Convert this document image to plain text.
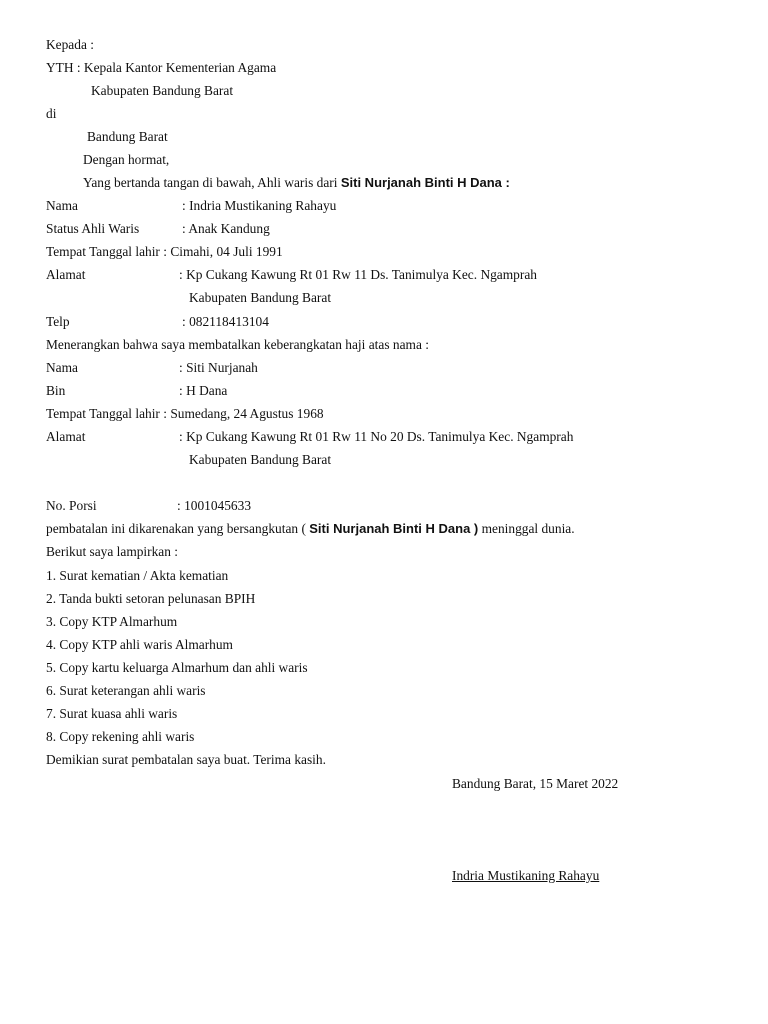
Kepada :
YTH : Kepala Kantor Kementerian Agama
Kabupaten Bandung Barat
di
Bandung Barat
Dengan hormat,
Yang bertanda tangan di bawah, Ahli waris dari Siti Nurjanah Binti H Dana :
Nama	: Indria Mustikaning Rahayu
Status Ahli Waris	: Anak Kandung
Tempat Tanggal lahir : Cimahi, 04 Juli 1991
Alamat	: Kp Cukang Kawung Rt 01 Rw 11 Ds. Tanimulya Kec. Ngamprah
Kabupaten Bandung Barat
Telp	: 082118413104
Menerangkan bahwa saya membatalkan keberangkatan haji atas nama :
Nama	: Siti Nurjanah
Bin	: H Dana
Tempat Tanggal lahir : Sumedang, 24 Agustus 1968
Alamat	: Kp Cukang Kawung Rt 01 Rw 11 No 20 Ds. Tanimulya Kec. Ngamprah
Kabupaten Bandung Barat
No. Porsi	: 1001045633
pembatalan ini dikarenakan yang bersangkutan ( Siti Nurjanah Binti H Dana ) meninggal dunia.
Berikut saya lampirkan :
1. Surat kematian / Akta kematian
2. Tanda bukti setoran pelunasan BPIH
3. Copy KTP Almarhum
4. Copy KTP ahli waris Almarhum
5. Copy kartu keluarga Almarhum dan ahli waris
6. Surat keterangan ahli waris
7. Surat kuasa ahli waris
8. Copy rekening ahli waris
Demikian surat pembatalan saya buat. Terima kasih.
Bandung Barat, 15 Maret 2022
Indria Mustikaning Rahayu
